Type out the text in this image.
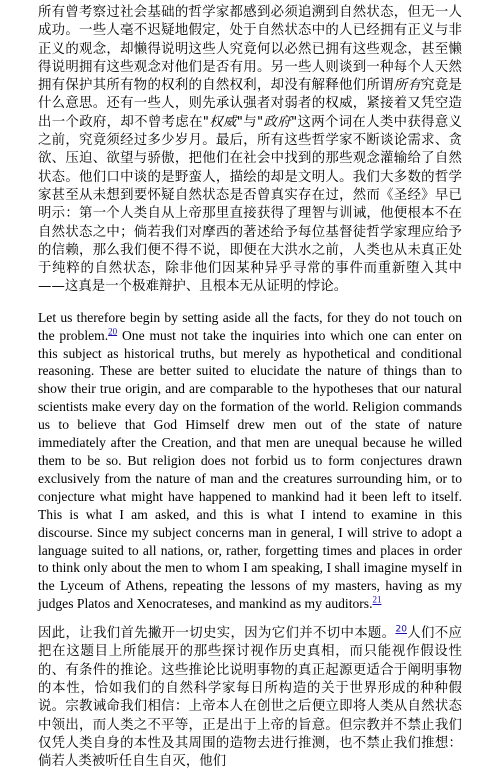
所有曾考察过社会基础的哲学家都感到必须追溯到自然状态，但无一人成功。一些人毫不迟疑地假定，处于自然状态中的人已经拥有正义与非正义的观念，却懒得说明这些人究竟何以必然已拥有这些观念，甚至懒得说明拥有这些观念对他们是否有用。另一些人则谈到一种每个人天然拥有保护其所有物的权利的自然权利，却没有解释他们所谓所有究竟是什么意思。还有一些人，则先承认强者对弱者的权威，紧接着又凭空造出一个政府，却不曾考虑在"权威"与"政府"这两个词在人类中获得意义之前，究竟须经过多少岁月。最后，所有这些哲学家不断谈论需求、贪欲、压迫、欲望与骄傲，把他们在社会中找到的那些观念灌输给了自然状态。他们口中谈的是野蛮人，描绘的却是文明人。我们大多数的哲学家甚至从未想到要怀疑自然状态是否曾真实存在过，然而《圣经》早已明示：第一个人类自从上帝那里直接获得了理智与训诫，他便根本不在自然状态之中；倘若我们对摩西的著述给予每位基督徒哲学家理应给予的信赖，那么我们便不得不说，即便在大洪水之前，人类也从未真正处于纯粹的自然状态，除非他们因某种异乎寻常的事件而重新堕入其中——这真是一个极难辩护、且根本无从证明的悖论。

Let us therefore begin by setting aside all the facts, for they do not touch on the problem.$^{20}$ One must not take the inquiries into which one can enter on this subject as historical truths, but merely as hypothetical and conditional reasoning. These are better suited to elucidate the nature of things than to show their true origin, and are comparable to the hypotheses that our natural scientists make every day on the formation of the world. Religion commands us to believe that God Himself drew men out of the state of nature immediately after the Creation, and that men are unequal because he willed them to be so. But religion does not forbid us to form conjectures drawn exclusively from the nature of man and the creatures surrounding him, or to conjecture what might have happened to mankind had it been left to itself. This is what I am asked, and this is what I intend to examine in this discourse. Since my subject concerns man in general, I will strive to adopt a language suited to all nations, or, rather, forgetting times and places in order to think only about the men to whom I am speaking, I shall imagine myself in the Lyceum of Athens, repeating the lessons of my masters, having as my judges Platos and Xenocrateses, and mankind as my auditors.$^{21}$

因此，让我们首先撇开一切史实，因为它们并不切中本题。$^{20}$人们不应把在这题目上所能展开的那些探讨视作历史真相，而只能视作假设性的、有条件的推论。这些推论比说明事物的真正起源更适合于阐明事物的本性，恰如我们的自然科学家每日所构造的关于世界形成的种种假说。宗教诫命我们相信：上帝本人在创世之后便立即将人类从自然状态中领出，而人类之不平等，正是出于上帝的旨意。但宗教并不禁止我们仅凭人类自身的本性及其周围的造物去进行推测，也不禁止我们推想：倘若人类被听任自生自灭，他们
